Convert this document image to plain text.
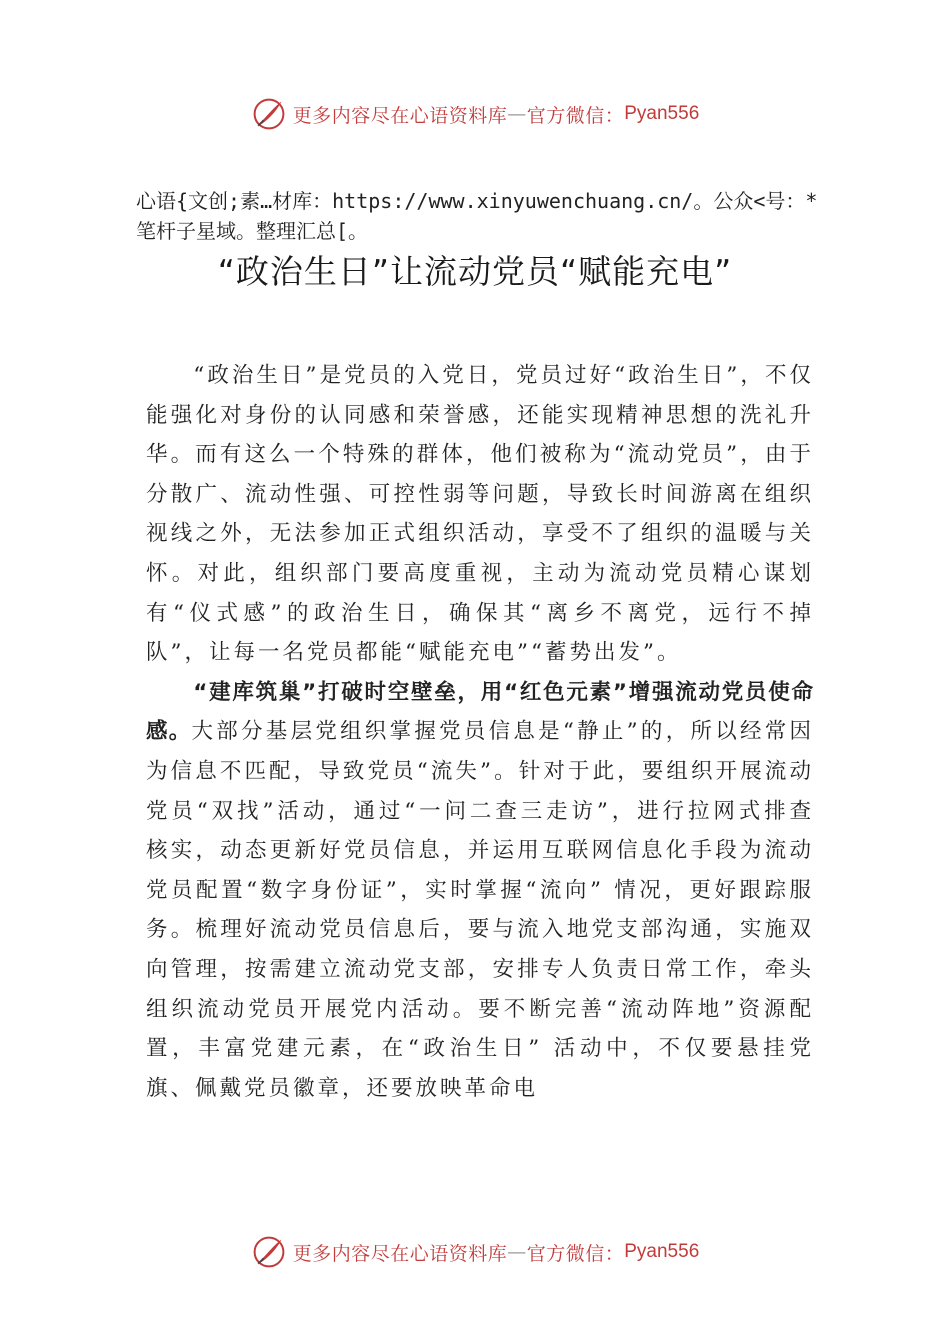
更多内容尽在心语资料库 — 官方微信： Pyan556
心语{文创;素…材库：https://www.xinyuwenchuang.cn/。公众<号：*笔杆子星域。整理汇总[。
“政治生日”让流动党员“赋能充电”

“政治生日”是党员的入党日，党员过好“政治生日”，不仅能强化对身份的认同感和荣誉感，还能实现精神思想的洗礼升华。而有这么一个特殊的群体，他们被称为“流动党员”，由于分散广、流动性强、可控性弱等问题，导致长时间游离在组织视线之外，无法参加正式组织活动，享受不了组织的温暖与关怀。对此，组织部门要高度重视，主动为流动党员精心谋划有“仪式感”的政治生日，确保其“离乡不离党，远行不掉队”，让每一名党员都能“赋能充电”“蓄势出发”。

“建库筑巢”打破时空壁垒，用“红色元素”增强流动党员使命感。大部分基层党组织掌握党员信息是“静止”的，所以经常因为信息不匹配，导致党员“流失”。针对于此，要组织开展流动党员“双找”活动，通过“一问二查三走访”，进行拉网式排查核实，动态更新好党员信息，并运用互联网信息化手段为流动党员配置“数字身份证”，实时掌握“流向” 情况，更好跟踪服务。梳理好流动党员信息后，要与流入地党支部沟通，实施双向管理，按需建立流动党支部，安排专人负责日常工作，牵头组织流动党员开展党内活动。要不断完善“流动阵地”资源配置，丰富党建元素，在“政治生日” 活动中，不仅要悬挂党旗、佩戴党员徽章，还要放映革命电

更多内容尽在心语资料库 — 官方微信： Pyan556
